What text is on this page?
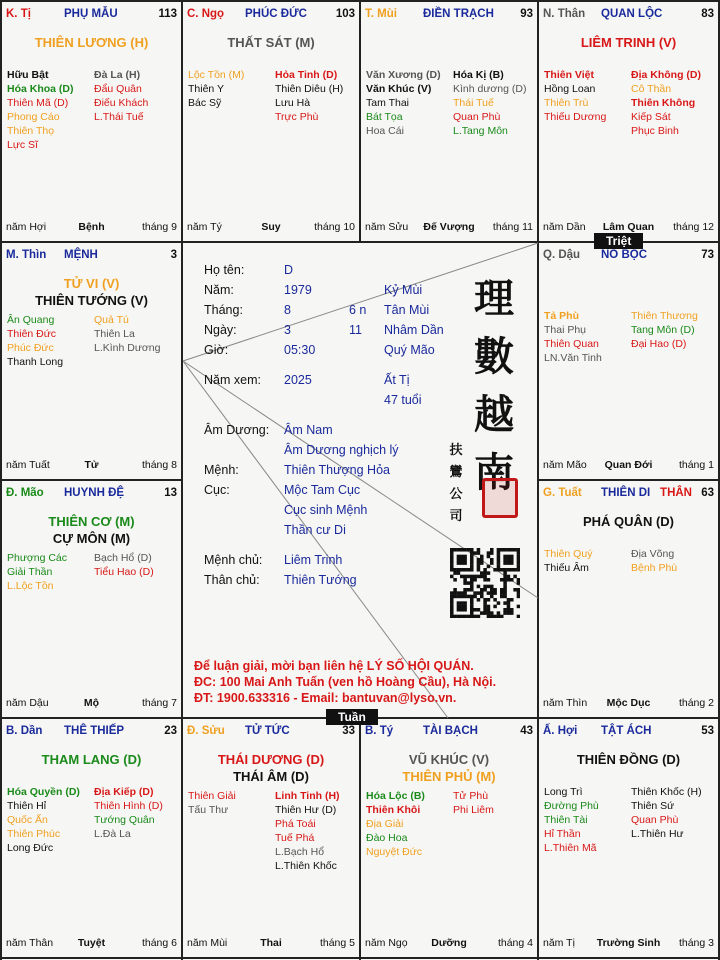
K. Tị	PHỤ MẪU	113
THIÊN LƯƠNG (H)
Hữu Bật
Hóa Khoa (D)
Thiên Mã (D)
Phong Cáo
Thiên Thọ
Lực Sĩ
Đà La (H)
Đẩu Quân
Điếu Khách
L.Thái Tuế
Bệnh
năm Hợi	tháng 9
C. Ngọ PHÚC ĐỨC	103
THẤT SÁT (M)
Lộc Tồn (M)
Thiên Y
Bác Sỹ
Hỏa Tinh (D)
Thiên Diêu (H)
Lưu Hà
Trực Phù
Suy
năm Tý	tháng 10
T. Mùi ĐIỀN TRẠCH 93
Văn Xương (D)
Văn Khúc (V)
Tam Thai
Bát Tọa
Hoa Cái
Hóa Kị (B)
Kình dương (D)
Thái Tuế
Quan Phù
L.Tang Môn
Đế Vượng
năm Sửu	tháng 11
N. Thân QUAN LỘC	83
LIÊM TRINH (V)
Thiên Việt
Hồng Loan
Thiên Trù
Thiếu Dương
Địa Không (D)
Cô Thần
Thiên Không
Kiếp Sát
Phục Binh
Lâm Quan
năm Dần	tháng 12
M. Thìn MỆNH	3
TỬ VI (V)
THIÊN TƯỚNG (V)
Ân Quang
Thiên Đức
Phúc Đức
Thanh Long
Quả Tú
Thiên La
L.Kình Dương
Tử
năm Tuất	tháng 8
Q. Dậu NÔ BỘC	73
Tả Phù
Thai Phụ
Thiên Quan
LN.Văn Tinh
Thiên Thương
Tang Môn (D)
Đại Hao (D)
Quan Đới
năm Mão	tháng 1
Đ. Mão HUYNH ĐỆ	13
THIÊN CƠ (M)
CỰ MÔN (M)
Phượng Các
Giải Thần
L.Lộc Tồn
Bạch Hổ (D)
Tiểu Hao (D)
Mộ
năm Dậu	tháng 7
G. Tuất THIÊN DI	63
THÂN
PHÁ QUÂN (D)
Thiên Quý
Thiếu Âm
Địa Võng
Bệnh Phù
Mộc Dục
năm Thìn	tháng 2
B. Dần THÊ THIẾP	23
THAM LANG (D)
Hóa Quyền (D)
Thiên Hỉ
Quốc Ấn
Thiên Phúc
Long Đức
Địa Kiếp (D)
Thiên Hình (D)
Tướng Quân
L.Đà La
Tuyệt
năm Thân	tháng 6
Đ. Sửu TỬ TỨC	33
THÁI DƯƠNG (D)
THÁI ÂM (D)
Thiên Giải
Tấu Thư
Linh Tinh (H)
Thiên Hư (D)
Phá Toái
Tuế Phá
L.Bạch Hổ
L.Thiên Khốc
Thai
năm Mùi	tháng 5
B. Tý	TÀI BẠCH	43
VŨ KHÚC (V)
THIÊN PHỦ (M)
Hóa Lộc (B)
Thiên Khôi
Địa Giải
Đào Hoa
Nguyệt Đức
Tử Phù
Phi Liêm
Dưỡng
năm Ngọ	tháng 4
Ấ. Hợi TẬT ÁCH	53
THIÊN ĐỒNG (D)
Long Trì
Đường Phù
Thiên Tài
Hỉ Thần
L.Thiên Mã
Thiên Khốc (H)
Thiên Sứ
Quan Phù
L.Thiên Hư
Trường Sinh
năm Tị	tháng 3
Triệt
Tuần
Họ tên:	D
Năm:	1979	Kỷ Mùi
Tháng:	8	6 n Tân Mùi
Ngày:	3	11 Nhâm Dần
Giờ:	05:30	Quý Mão
Năm xem: 2025	Ất Tị
47 tuổi
Âm Dương: Âm Nam
Âm Dương nghịch lý
Mệnh:	Thiên Thượng Hỏa
Cục:	Mộc Tam Cục
Cục sinh Mệnh
Thần cư Di
Mệnh chủ: Liêm Trinh
Thân chủ: Thiên Tướng
理
數
越
南
扶
鸞
公
司
Để luận giải, mời bạn liên hệ LÝ SỐ HỘI QUÁN.
ĐC: 100 Mai Anh Tuấn (ven hồ Hoàng Cầu), Hà Nội.
ĐT: 1900.633316 - Email: bantuvan@lyso.vn.
